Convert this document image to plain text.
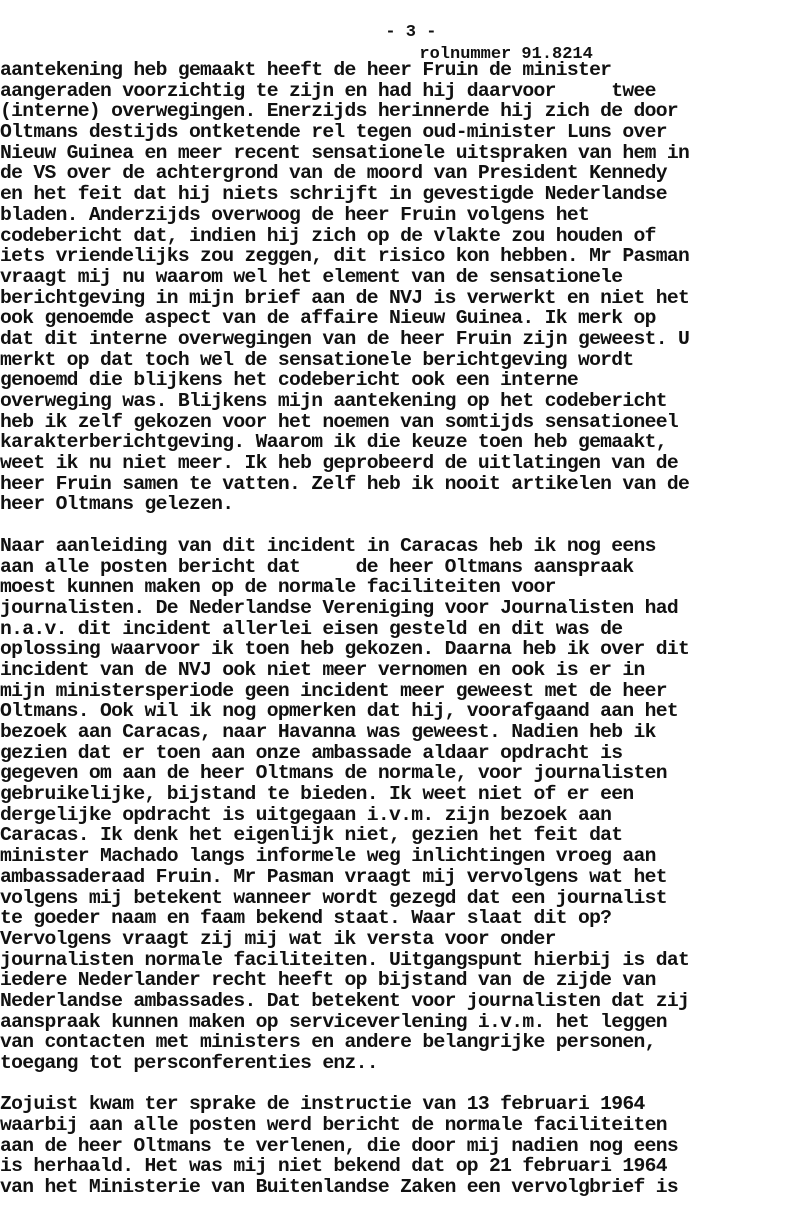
- 3 -
rolnummer 91.8214

aantekening heb gemaakt heeft de heer Fruin de minister
aangeraden voorzichtig te zijn en had hij daarvoor     twee
(interne) overwegingen. Enerzijds herinnerde hij zich de door
Oltmans destijds ontketende rel tegen oud-minister Luns over
Nieuw Guinea en meer recent sensationele uitspraken van hem in
de VS over de achtergrond van de moord van President Kennedy
en het feit dat hij niets schrijft in gevestigde Nederlandse
bladen. Anderzijds overwoog de heer Fruin volgens het
codebericht dat, indien hij zich op de vlakte zou houden of
iets vriendelijks zou zeggen, dit risico kon hebben. Mr Pasman
vraagt mij nu waarom wel het element van de sensationele
berichtgeving in mijn brief aan de NVJ is verwerkt en niet het
ook genoemde aspect van de affaire Nieuw Guinea. Ik merk op
dat dit interne overwegingen van de heer Fruin zijn geweest. U
merkt op dat toch wel de sensationele berichtgeving wordt
genoemd die blijkens het codebericht ook een interne
overweging was. Blijkens mijn aantekening op het codebericht
heb ik zelf gekozen voor het noemen van somtijds sensationeel
karakterberichtgeving. Waarom ik die keuze toen heb gemaakt,
weet ik nu niet meer. Ik heb geprobeerd de uitlatingen van de
heer Fruin samen te vatten. Zelf heb ik nooit artikelen van de
heer Oltmans gelezen.
Naar aanleiding van dit incident in Caracas heb ik nog eens
aan alle posten bericht dat     de heer Oltmans aanspraak
moest kunnen maken op de normale faciliteiten voor
journalisten. De Nederlandse Vereniging voor Journalisten had
n.a.v. dit incident allerlei eisen gesteld en dit was de
oplossing waarvoor ik toen heb gekozen. Daarna heb ik over dit
incident van de NVJ ook niet meer vernomen en ook is er in
mijn ministersperiode geen incident meer geweest met de heer
Oltmans. Ook wil ik nog opmerken dat hij, voorafgaand aan het
bezoek aan Caracas, naar Havanna was geweest. Nadien heb ik
gezien dat er toen aan onze ambassade aldaar opdracht is
gegeven om aan de heer Oltmans de normale, voor journalisten
gebruikelijke, bijstand te bieden. Ik weet niet of er een
dergelijke opdracht is uitgegaan i.v.m. zijn bezoek aan
Caracas. Ik denk het eigenlijk niet, gezien het feit dat
minister Machado langs informele weg inlichtingen vroeg aan
ambassaderaad Fruin. Mr Pasman vraagt mij vervolgens wat het
volgens mij betekent wanneer wordt gezegd dat een journalist
te goeder naam en faam bekend staat. Waar slaat dit op?
Vervolgens vraagt zij mij wat ik versta voor onder
journalisten normale faciliteiten. Uitgangspunt hierbij is dat
iedere Nederlander recht heeft op bijstand van de zijde van
Nederlandse ambassades. Dat betekent voor journalisten dat zij
aanspraak kunnen maken op serviceverlening i.v.m. het leggen
van contacten met ministers en andere belangrijke personen,
toegang tot persconferenties enz..
Zojuist kwam ter sprake de instructie van 13 februari 1964
waarbij aan alle posten werd bericht de normale faciliteiten
aan de heer Oltmans te verlenen, die door mij nadien nog eens
is herhaald. Het was mij niet bekend dat op 21 februari 1964
van het Ministerie van Buitenlandse Zaken een vervolgbrief is
